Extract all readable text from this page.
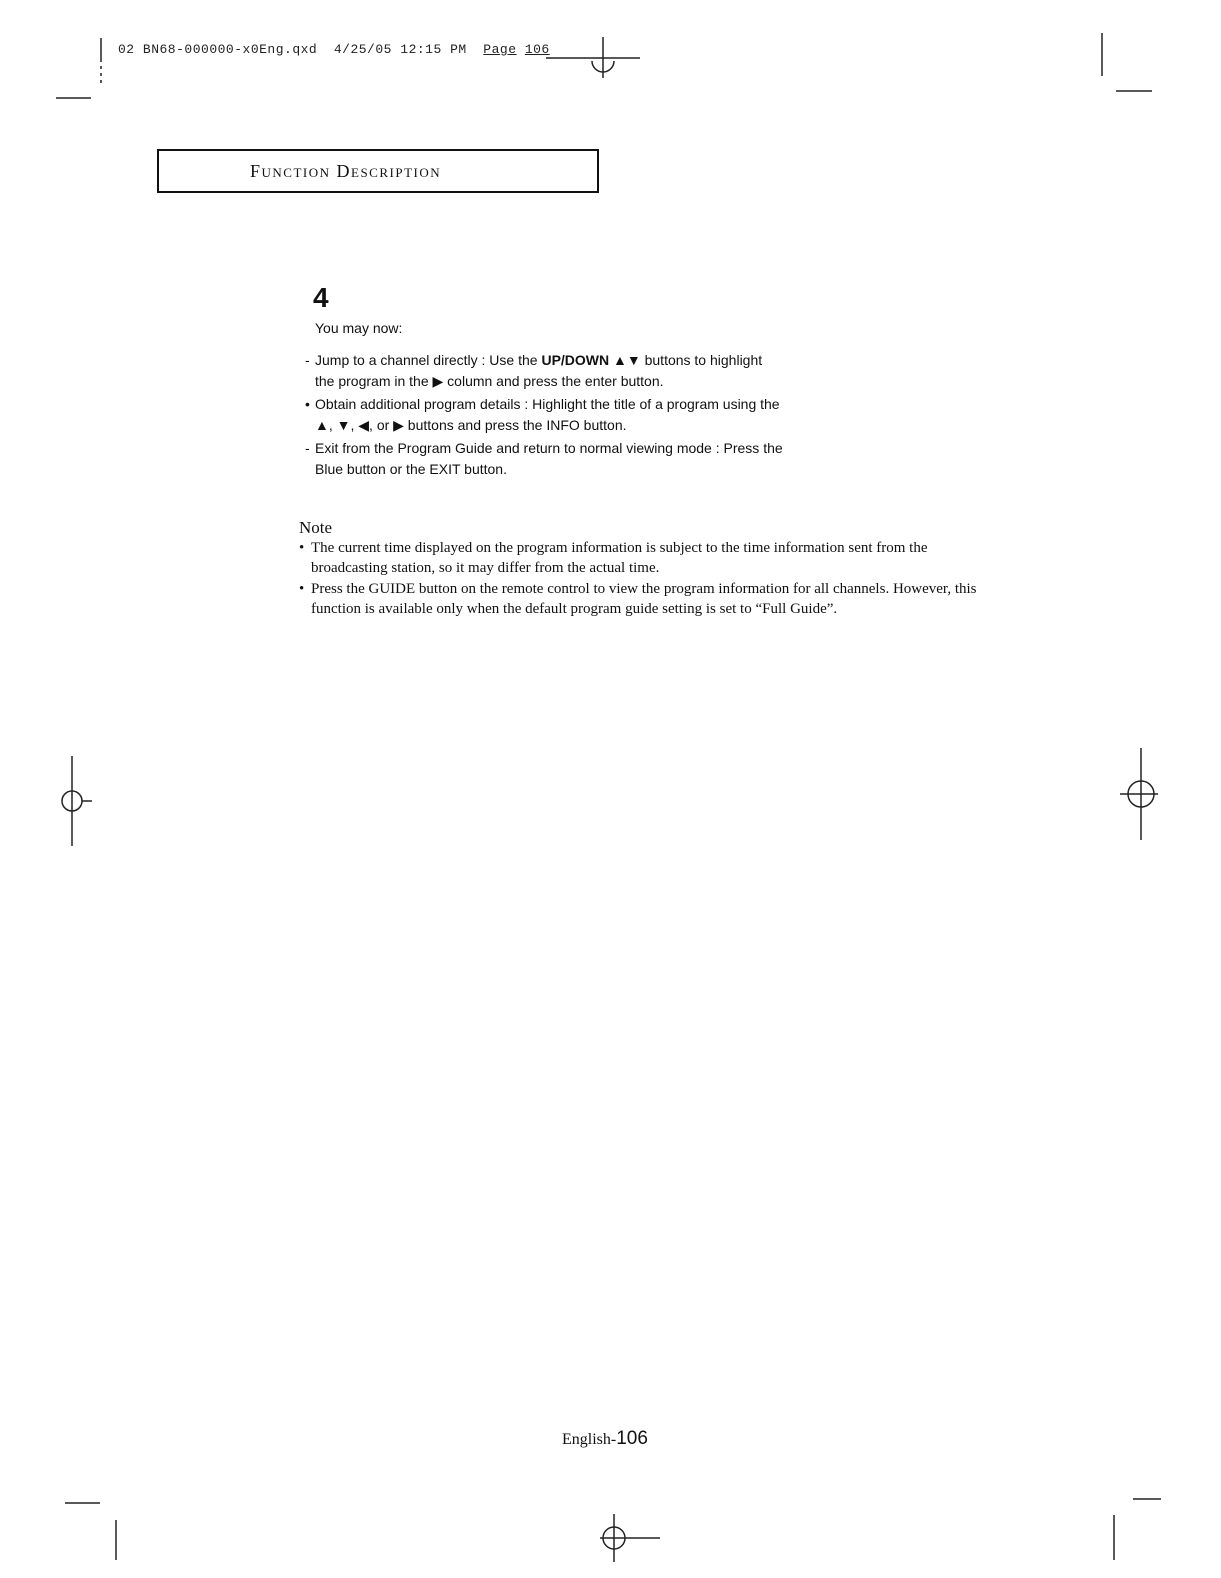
02 BN68-000000-x0Eng.qxd 4/25/05 12:15 PM Page 106
Function Description
4
You may now:
- Jump to a channel directly : Use the UP/DOWN ▲▼ buttons to highlight the program in the ▶ column and press the enter button.
• Obtain additional program details : Highlight the title of a program using the ▲, ▼, ◀, or ▶ buttons and press the INFO button.
- Exit from the Program Guide and return to normal viewing mode : Press the Blue button or the EXIT button.
Note
• The current time displayed on the program information is subject to the time information sent from the broadcasting station, so it may differ from the actual time.
• Press the GUIDE button on the remote control to view the program information for all channels. However, this function is available only when the default program guide setting is set to “Full Guide”.
English-106
